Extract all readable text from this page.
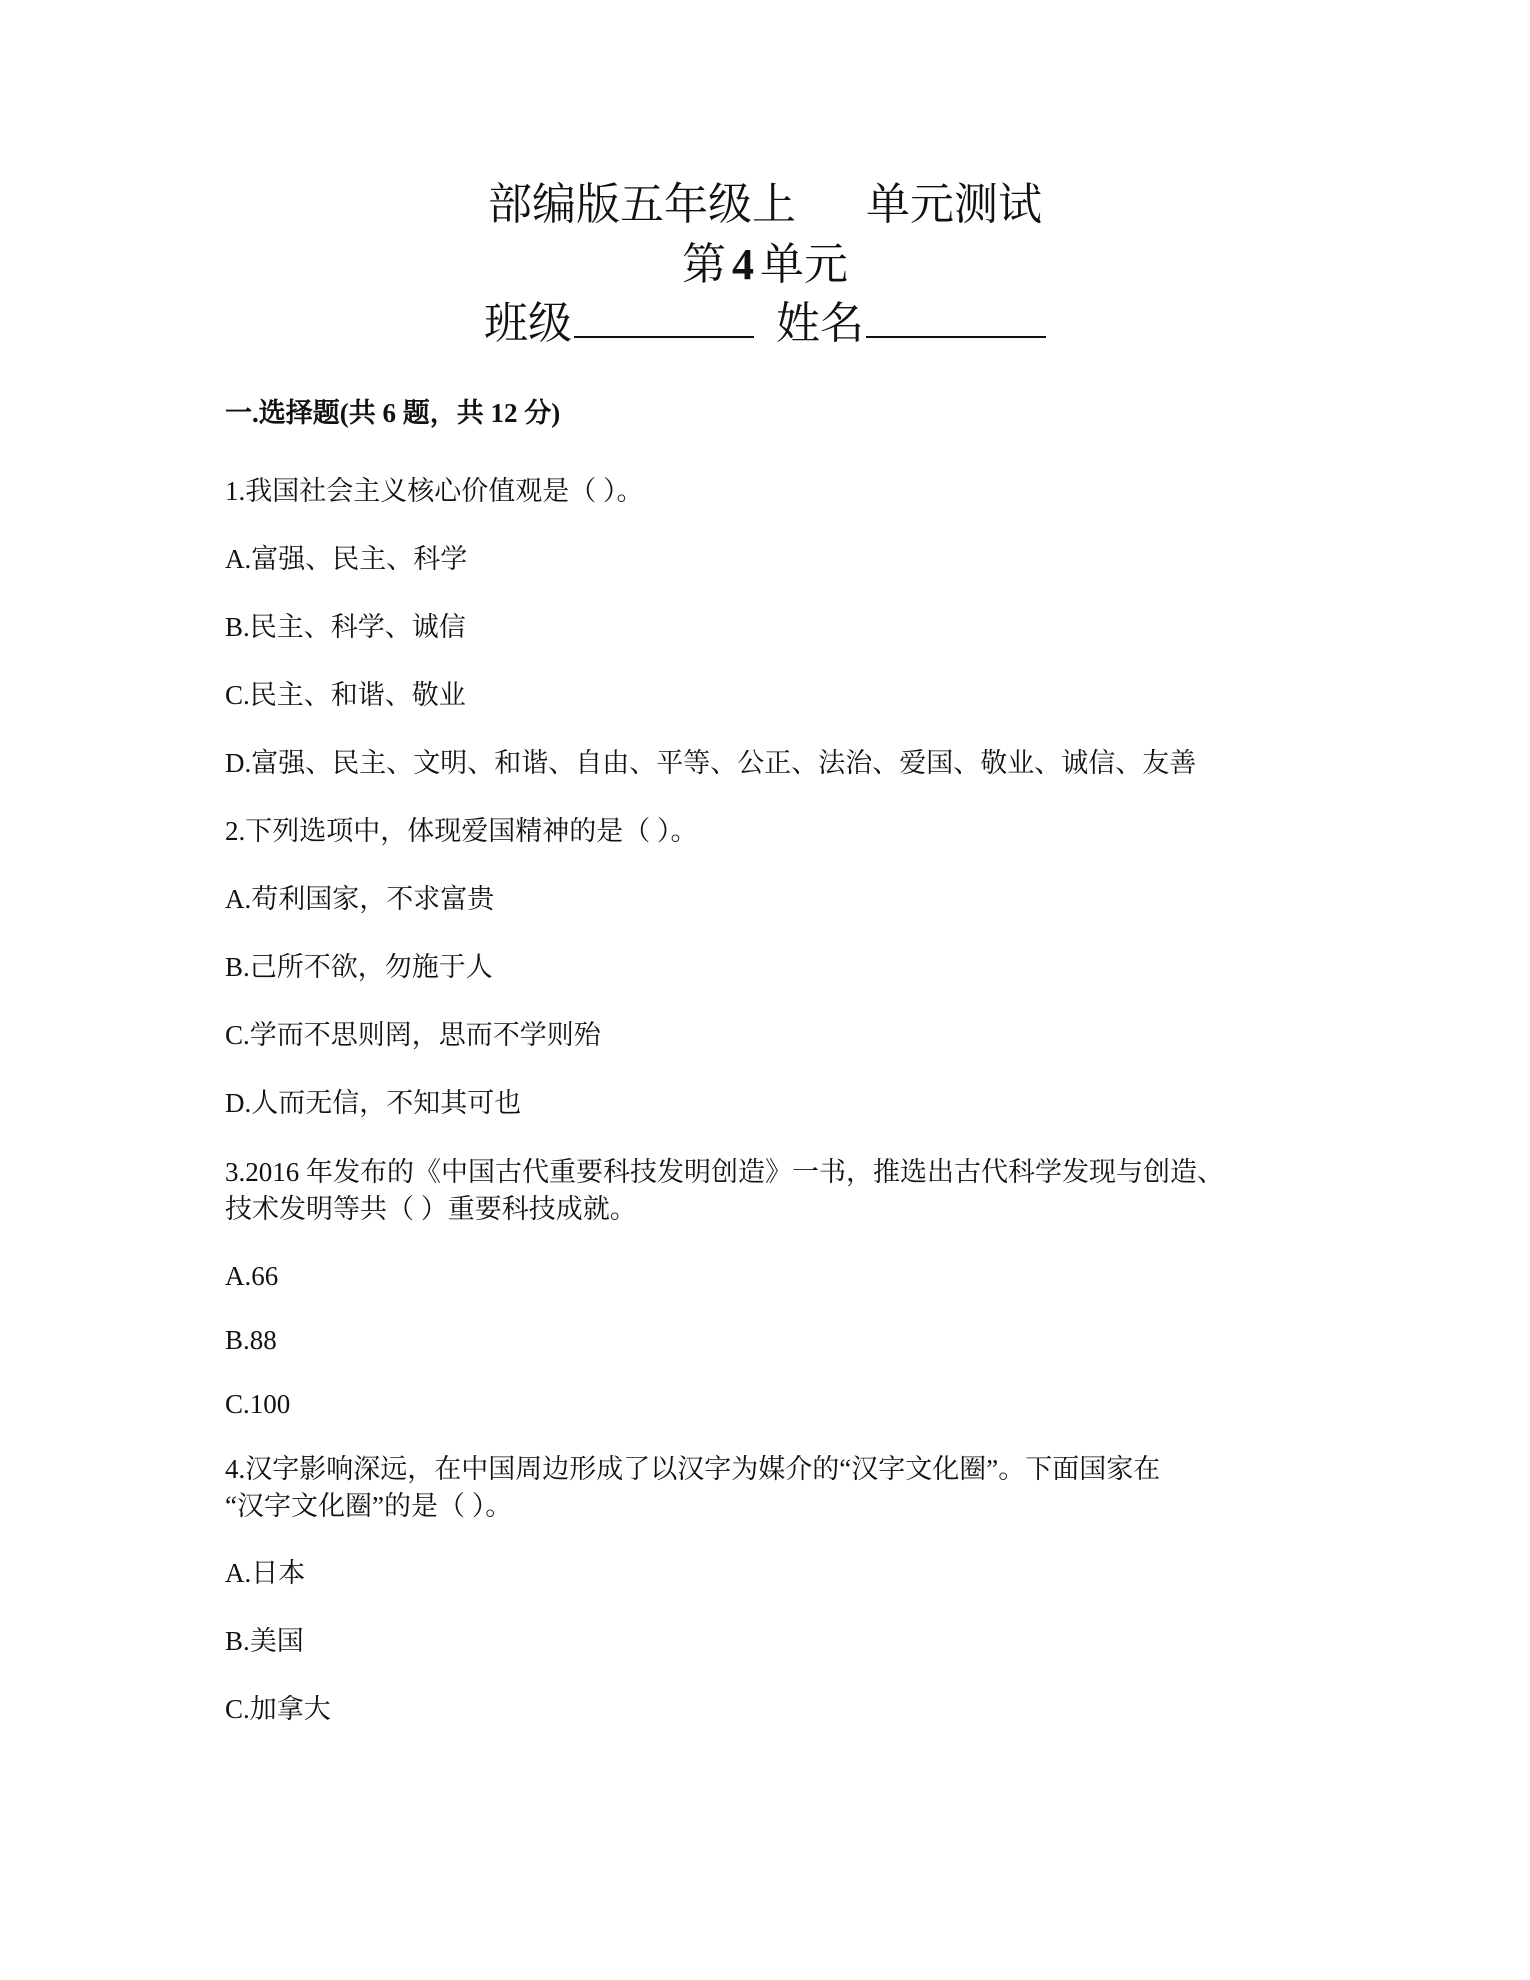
部编版五年级上 单元测试
第 4 单元
班级	姓名
一.选择题(共 6 题，共 12 分)
1.我国社会主义核心价值观是（ ）。
A.富强、民主、科学
B.民主、科学、诚信
C.民主、和谐、敬业
D.富强、民主、文明、和谐、自由、平等、公正、法治、爱国、敬业、诚信、友善
2.下列选项中，体现爱国精神的是（ ）。
A.苟利国家，不求富贵
B.己所不欲，勿施于人
C.学而不思则罔，思而不学则殆
D.人而无信，不知其可也
3.2016 年发布的《中国古代重要科技发明创造》一书，推选出古代科学发现与创造、
技术发明等共（ ）重要科技成就。
A.66
B.88
C.100
4.汉字影响深远，在中国周边形成了以汉字为媒介的“汉字文化圈”。下面国家在
“汉字文化圈”的是（ ）。
A.日本
B.美国
C.加拿大
